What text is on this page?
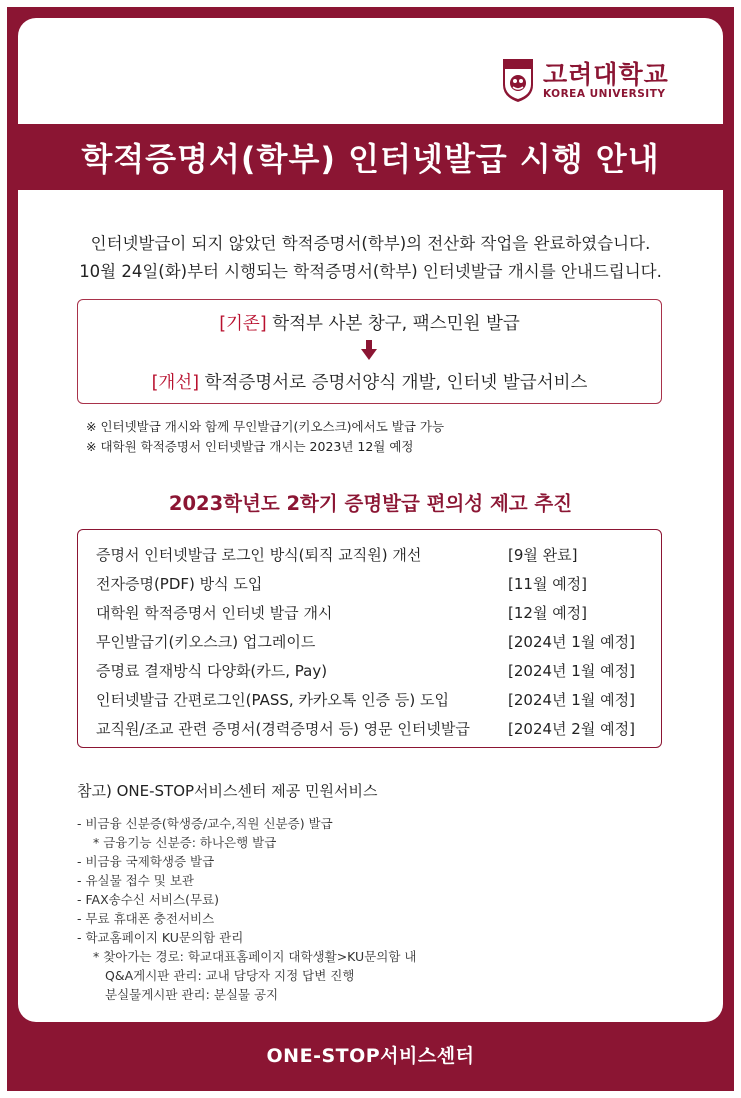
고려대학교
KOREA UNIVERSITY
학적증명서(학부) 인터넷발급 시행 안내
인터넷발급이 되지 않았던 학적증명서(학부)의 전산화 작업을 완료하였습니다.
10월 24일(화)부터 시행되는 학적증명서(학부) 인터넷발급 개시를 안내드립니다.
[기존] 학적부 사본 창구, 팩스민원 발급
[개선] 학적증명서로 증명서양식 개발, 인터넷 발급서비스
※ 인터넷발급 개시와 함께 무인발급기(키오스크)에서도 발급 가능
※ 대학원 학적증명서 인터넷발급 개시는 2023년 12월 예정
2023학년도 2학기 증명발급 편의성 제고 추진
증명서 인터넷발급 로그인 방식(퇴직 교직원) 개선	[9월 완료]
전자증명(PDF) 방식 도입	[11월 예정]
대학원 학적증명서 인터넷 발급 개시	[12월 예정]
무인발급기(키오스크) 업그레이드	[2024년 1월 예정]
증명료 결재방식 다양화(카드, Pay)	[2024년 1월 예정]
인터넷발급 간편로그인(PASS, 카카오톡 인증 등) 도입	[2024년 1월 예정]
교직원/조교 관련 증명서(경력증명서 등) 영문 인터넷발급	[2024년 2월 예정]
참고) ONE-STOP서비스센터 제공 민원서비스
- 비금융 신분증(학생증/교수,직원 신분증) 발급
* 금융기능 신분증: 하나은행 발급
- 비금융 국제학생증 발급
- 유실물 접수 및 보관
- FAX송수신 서비스(무료)
- 무료 휴대폰 충전서비스
- 학교홈페이지 KU문의함 관리
* 찾아가는 경로: 학교대표홈페이지 대학생활>KU문의함 내
Q&A게시판 관리: 교내 담당자 지정 답변 진행
분실물게시판 관리: 분실물 공지
ONE-STOP서비스센터
